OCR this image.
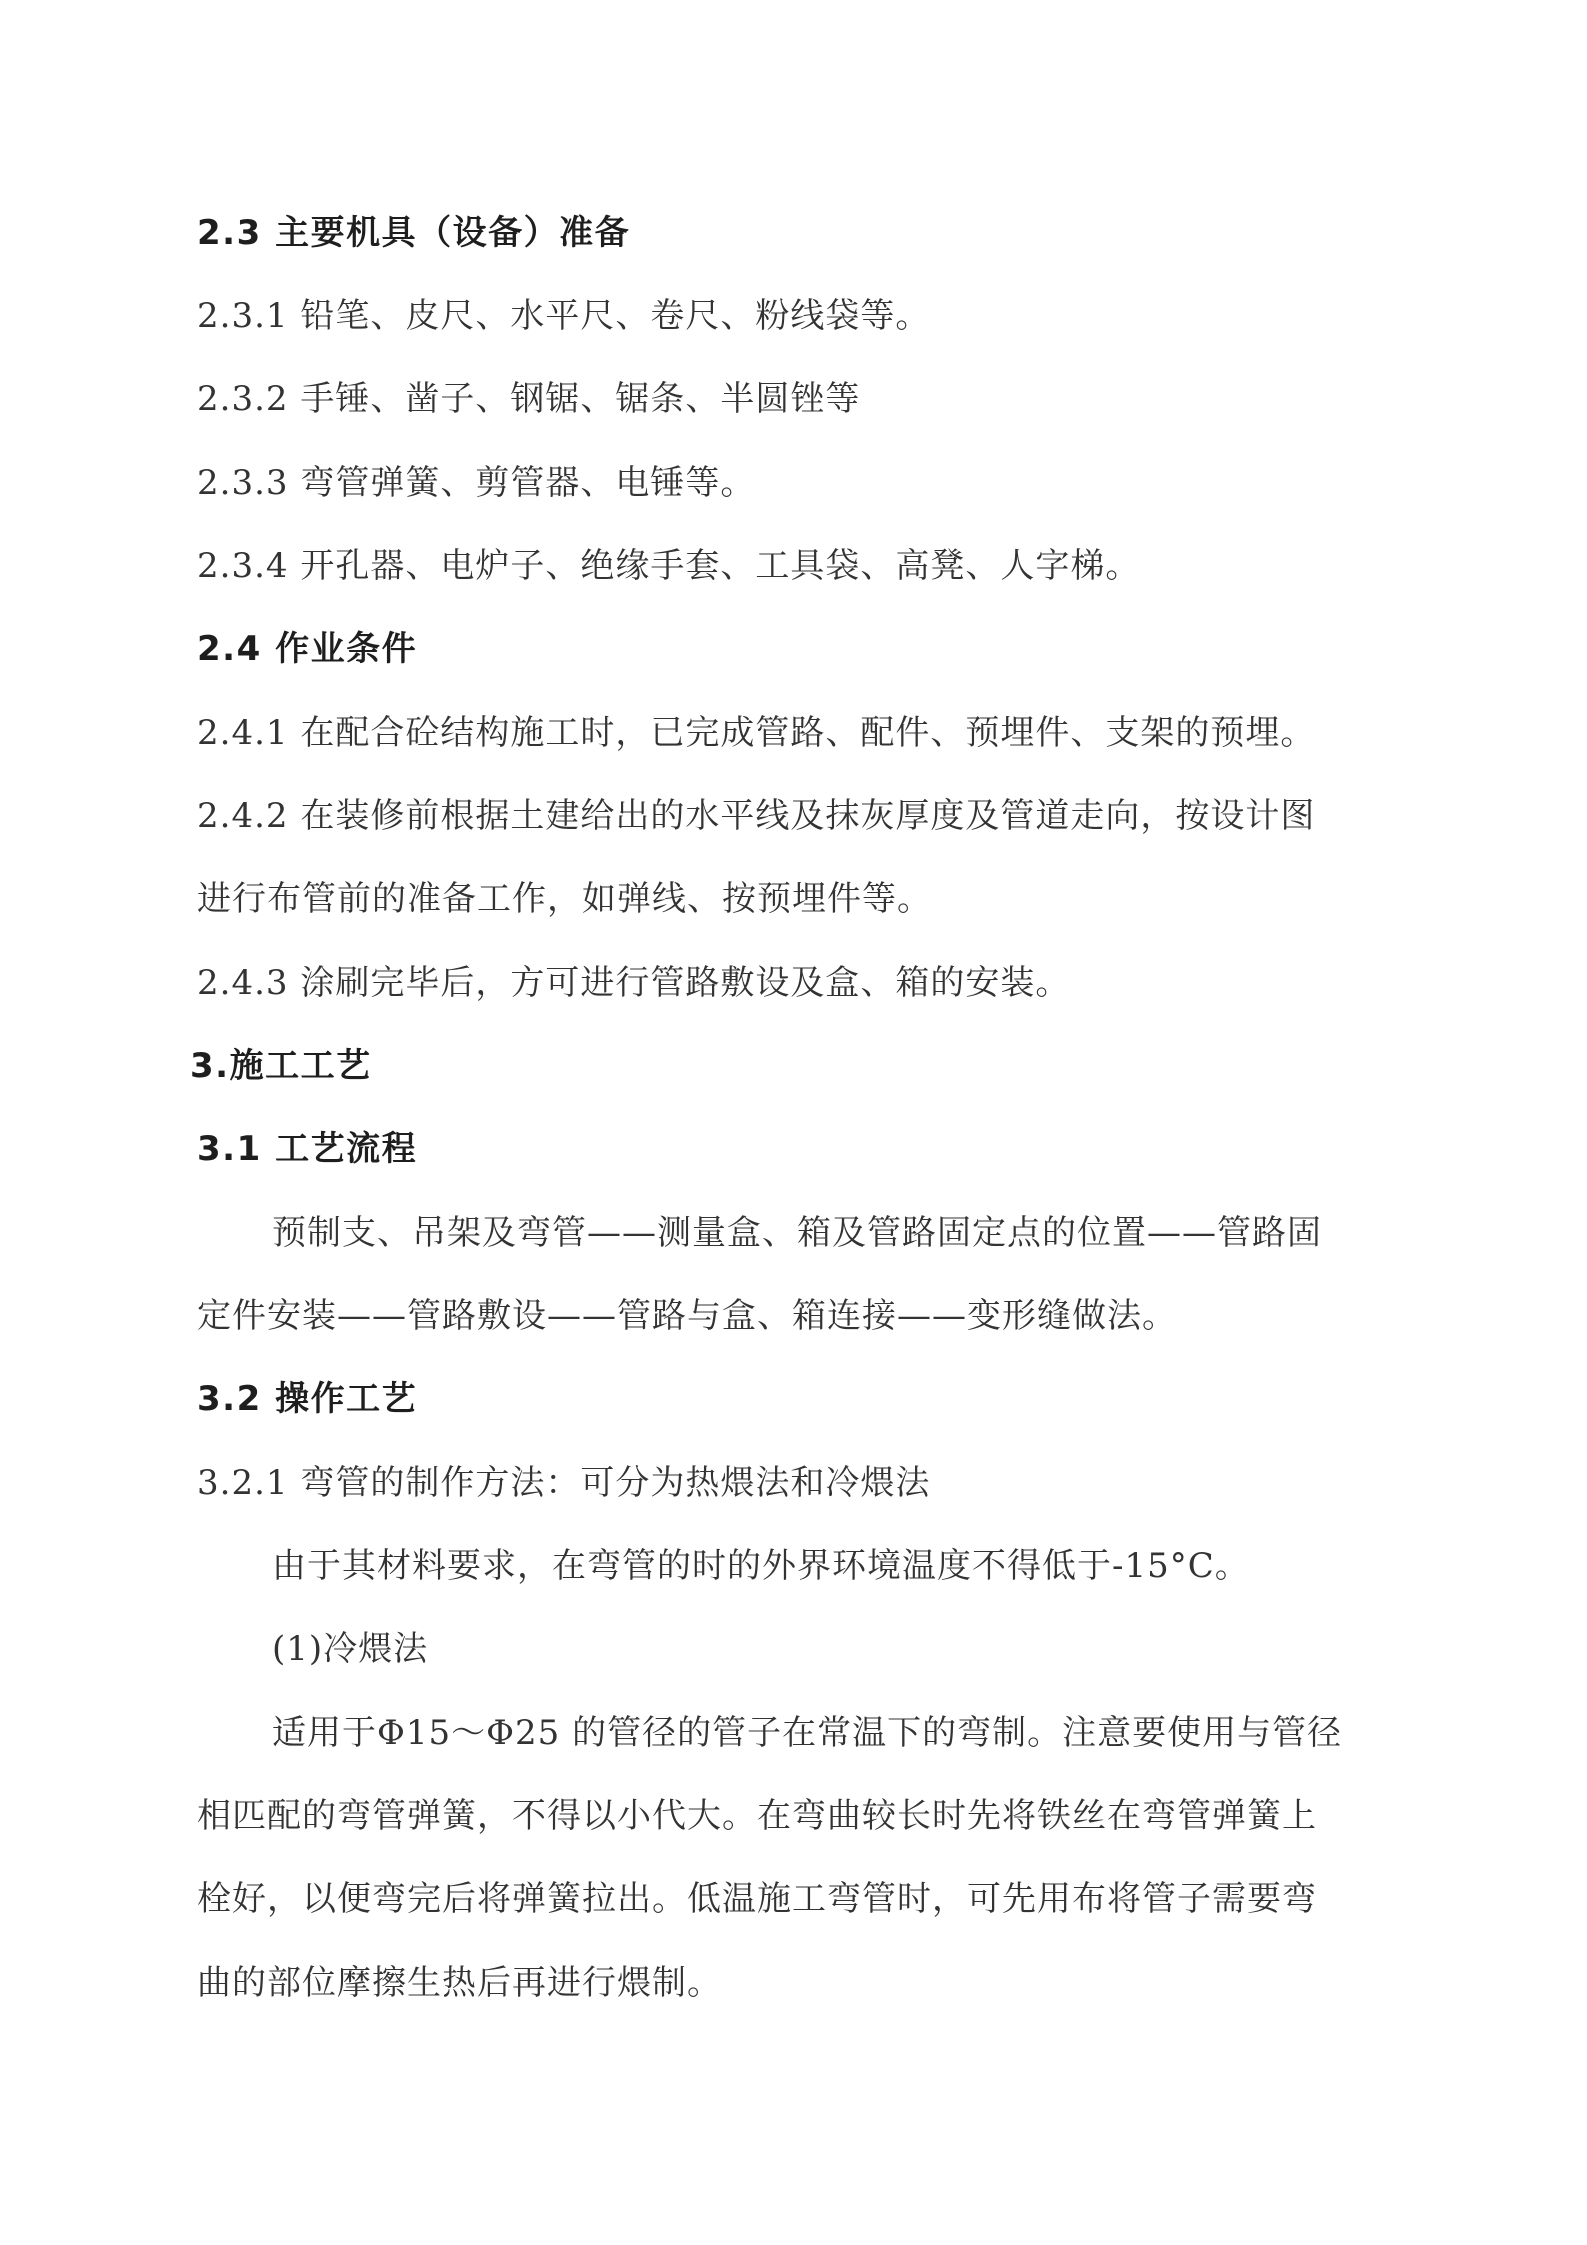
2.3 主要机具（设备）准备
2.3.1 铅笔、皮尺、水平尺、卷尺、粉线袋等。
2.3.2 手锤、凿子、钢锯、锯条、半圆锉等
2.3.3 弯管弹簧、剪管器、电锤等。
2.3.4 开孔器、电炉子、绝缘手套、工具袋、高凳、人字梯。
2.4 作业条件
2.4.1 在配合砼结构施工时，已完成管路、配件、预埋件、支架的预埋。
2.4.2 在装修前根据土建给出的水平线及抹灰厚度及管道走向，按设计图
进行布管前的准备工作，如弹线、按预埋件等。
2.4.3 涂刷完毕后，方可进行管路敷设及盒、箱的安装。
3.施工工艺
3.1 工艺流程
预制支、吊架及弯管——测量盒、箱及管路固定点的位置——管路固
定件安装——管路敷设——管路与盒、箱连接——变形缝做法。
3.2 操作工艺
3.2.1 弯管的制作方法：可分为热煨法和冷煨法
由于其材料要求，在弯管的时的外界环境温度不得低于-15°C。
(1)冷煨法
适用于Φ15～Φ25 的管径的管子在常温下的弯制。注意要使用与管径
相匹配的弯管弹簧，不得以小代大。在弯曲较长时先将铁丝在弯管弹簧上
栓好，以便弯完后将弹簧拉出。低温施工弯管时，可先用布将管子需要弯
曲的部位摩擦生热后再进行煨制。
